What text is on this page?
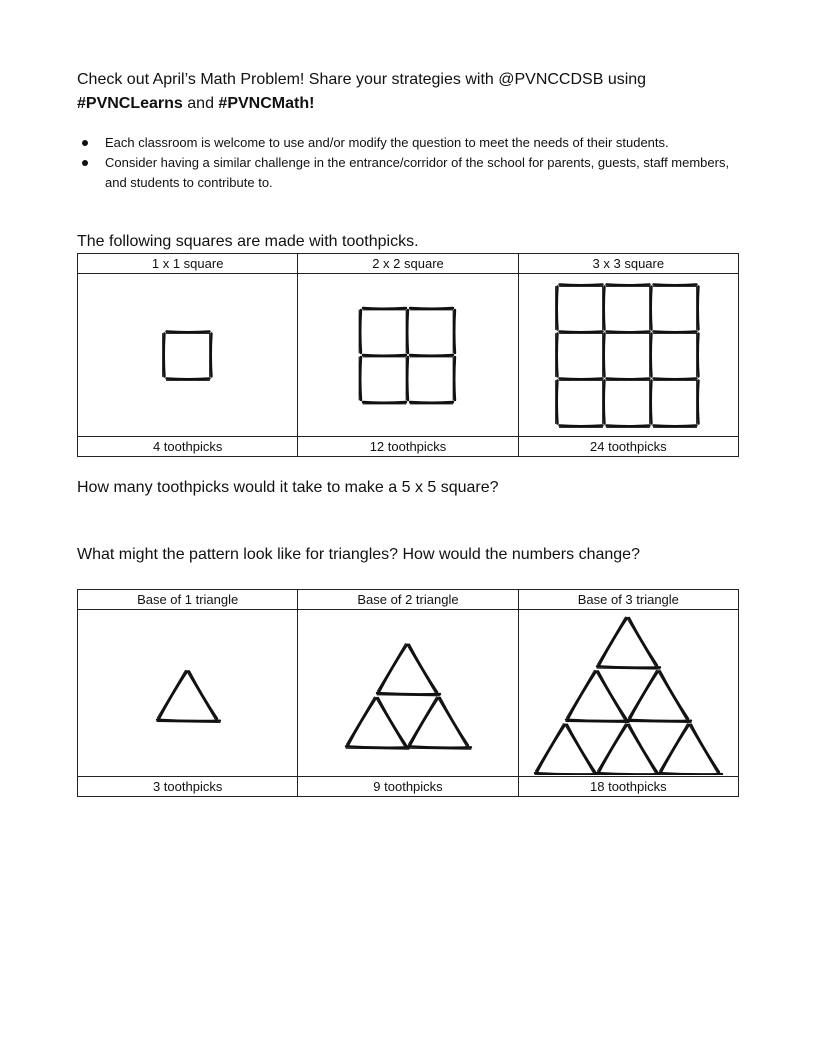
Check out April’s Math Problem! Share your strategies with @PVNCCDSB using
#PVNCLearns and #PVNCMath!
Each classroom is welcome to use and/or modify the question to meet the needs of their students.
Consider having a similar challenge in the entrance/corridor of the school for parents, guests, staff members, and students to contribute to.
The following squares are made with toothpicks.
1 x 1 square	2 x 2 square	3 x 3 square

4 toothpicks	12 toothpicks	24 toothpicks
How many toothpicks would it take to make a 5 x 5 square?
What might the pattern look like for triangles? How would the numbers change?
Base of 1 triangle	Base of 2 triangle	Base of 3 triangle

3 toothpicks	9 toothpicks	18 toothpicks
